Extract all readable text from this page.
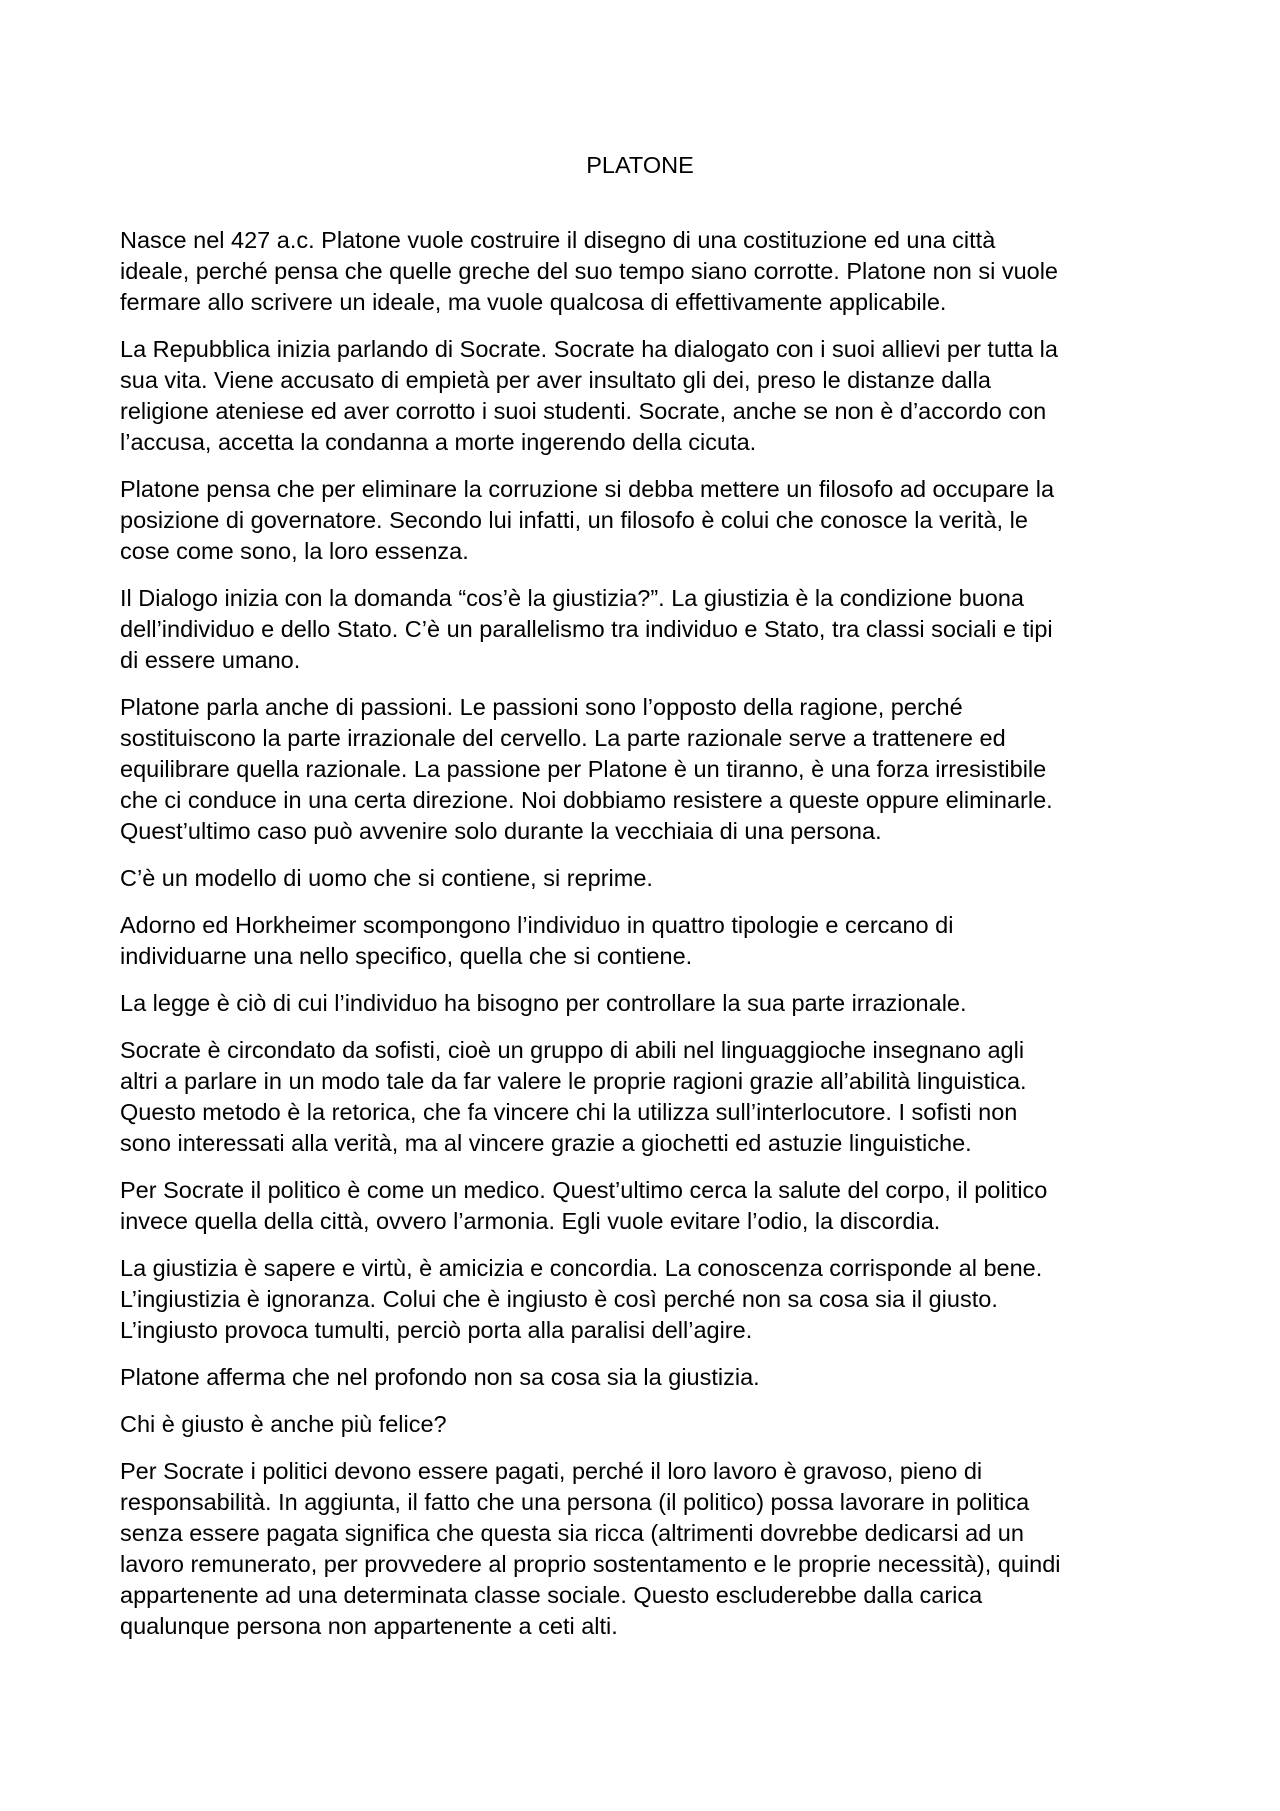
PLATONE

Nasce nel 427 a.c. Platone vuole costruire il disegno di una costituzione ed una città
ideale, perché pensa che quelle greche del suo tempo siano corrotte. Platone non si vuole
fermare allo scrivere un ideale, ma vuole qualcosa di effettivamente applicabile.

La Repubblica inizia parlando di Socrate. Socrate ha dialogato con i suoi allievi per tutta la
sua vita. Viene accusato di empietà per aver insultato gli dei, preso le distanze dalla
religione ateniese ed aver corrotto i suoi studenti. Socrate, anche se non è d’accordo con
l’accusa, accetta la condanna a morte ingerendo della cicuta.

Platone pensa che per eliminare la corruzione si debba mettere un filosofo ad occupare la
posizione di governatore. Secondo lui infatti, un filosofo è colui che conosce la verità, le
cose come sono, la loro essenza.

Il Dialogo inizia con la domanda “cos’è la giustizia?”. La giustizia è la condizione buona
dell’individuo e dello Stato. C’è un parallelismo tra individuo e Stato, tra classi sociali e tipi
di essere umano.

Platone parla anche di passioni. Le passioni sono l’opposto della ragione, perché
sostituiscono la parte irrazionale del cervello. La parte razionale serve a trattenere ed
equilibrare quella razionale. La passione per Platone è un tiranno, è una forza irresistibile
che ci conduce in una certa direzione. Noi dobbiamo resistere a queste oppure eliminarle.
Quest’ultimo caso può avvenire solo durante la vecchiaia di una persona.

C’è un modello di uomo che si contiene, si reprime.

Adorno ed Horkheimer scompongono l’individuo in quattro tipologie e cercano di
individuarne una nello specifico, quella che si contiene.

La legge è ciò di cui l’individuo ha bisogno per controllare la sua parte irrazionale.

Socrate è circondato da sofisti, cioè un gruppo di abili nel linguaggioche insegnano agli
altri a parlare in un modo tale da far valere le proprie ragioni grazie all’abilità linguistica.
Questo metodo è la retorica, che fa vincere chi la utilizza sull’interlocutore. I sofisti non
sono interessati alla verità, ma al vincere grazie a giochetti ed astuzie linguistiche.

Per Socrate il politico è come un medico. Quest’ultimo cerca la salute del corpo, il politico
invece quella della città, ovvero l’armonia. Egli vuole evitare l’odio, la discordia.

La giustizia è sapere e virtù, è amicizia e concordia. La conoscenza corrisponde al bene.
L’ingiustizia è ignoranza. Colui che è ingiusto è così perché non sa cosa sia il giusto.
L’ingiusto provoca tumulti, perciò porta alla paralisi dell’agire.

Platone afferma che nel profondo non sa cosa sia la giustizia.

Chi è giusto è anche più felice?

Per Socrate i politici devono essere pagati, perché il loro lavoro è gravoso, pieno di
responsabilità. In aggiunta, il fatto che una persona (il politico) possa lavorare in politica
senza essere pagata significa che questa sia ricca (altrimenti dovrebbe dedicarsi ad un
lavoro remunerato, per provvedere al proprio sostentamento e le proprie necessità), quindi
appartenente ad una determinata classe sociale. Questo escluderebbe dalla carica
qualunque persona non appartenente a ceti alti.
